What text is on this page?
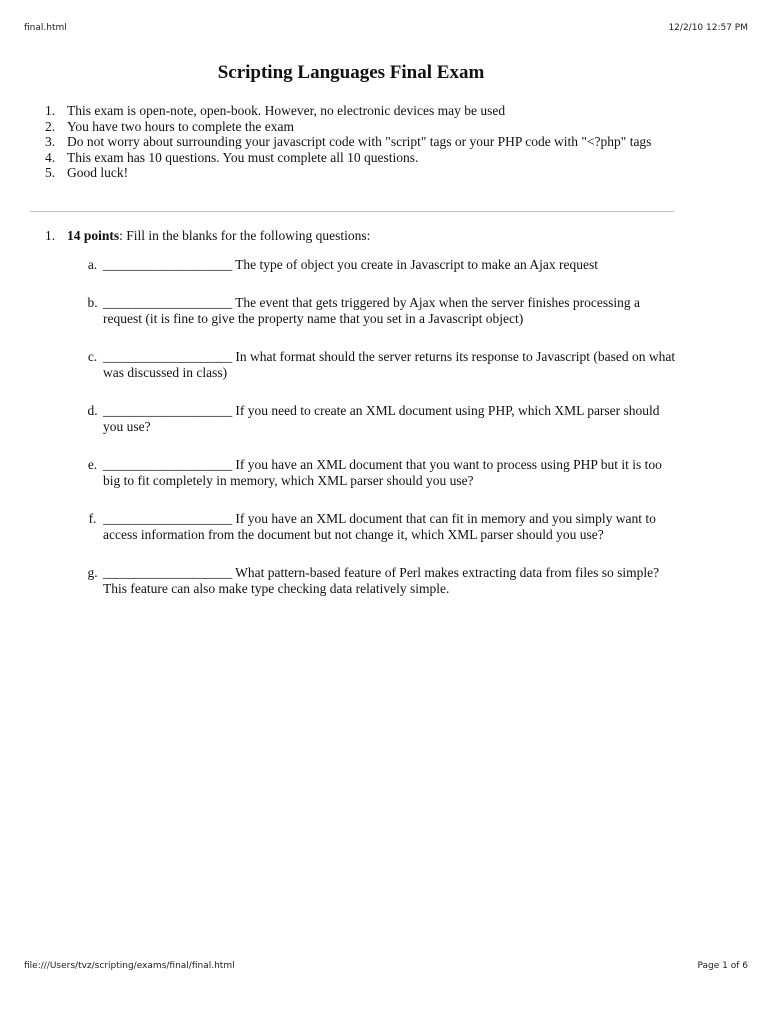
final.html	12/2/10 12:57 PM
Scripting Languages Final Exam
1. This exam is open-note, open-book. However, no electronic devices may be used
2. You have two hours to complete the exam
3. Do not worry about surrounding your javascript code with "script" tags or your PHP code with "<?php" tags
4. This exam has 10 questions. You must complete all 10 questions.
5. Good luck!
1. 14 points: Fill in the blanks for the following questions:
a. ____________________ The type of object you create in Javascript to make an Ajax request
b. ____________________ The event that gets triggered by Ajax when the server finishes processing a request (it is fine to give the property name that you set in a Javascript object)
c. ____________________ In what format should the server returns its response to Javascript (based on what was discussed in class)
d. ____________________ If you need to create an XML document using PHP, which XML parser should you use?
e. ____________________ If you have an XML document that you want to process using PHP but it is too big to fit completely in memory, which XML parser should you use?
f. ____________________ If you have an XML document that can fit in memory and you simply want to access information from the document but not change it, which XML parser should you use?
g. ____________________ What pattern-based feature of Perl makes extracting data from files so simple? This feature can also make type checking data relatively simple.
file:///Users/tvz/scripting/exams/final/final.html	Page 1 of 6
